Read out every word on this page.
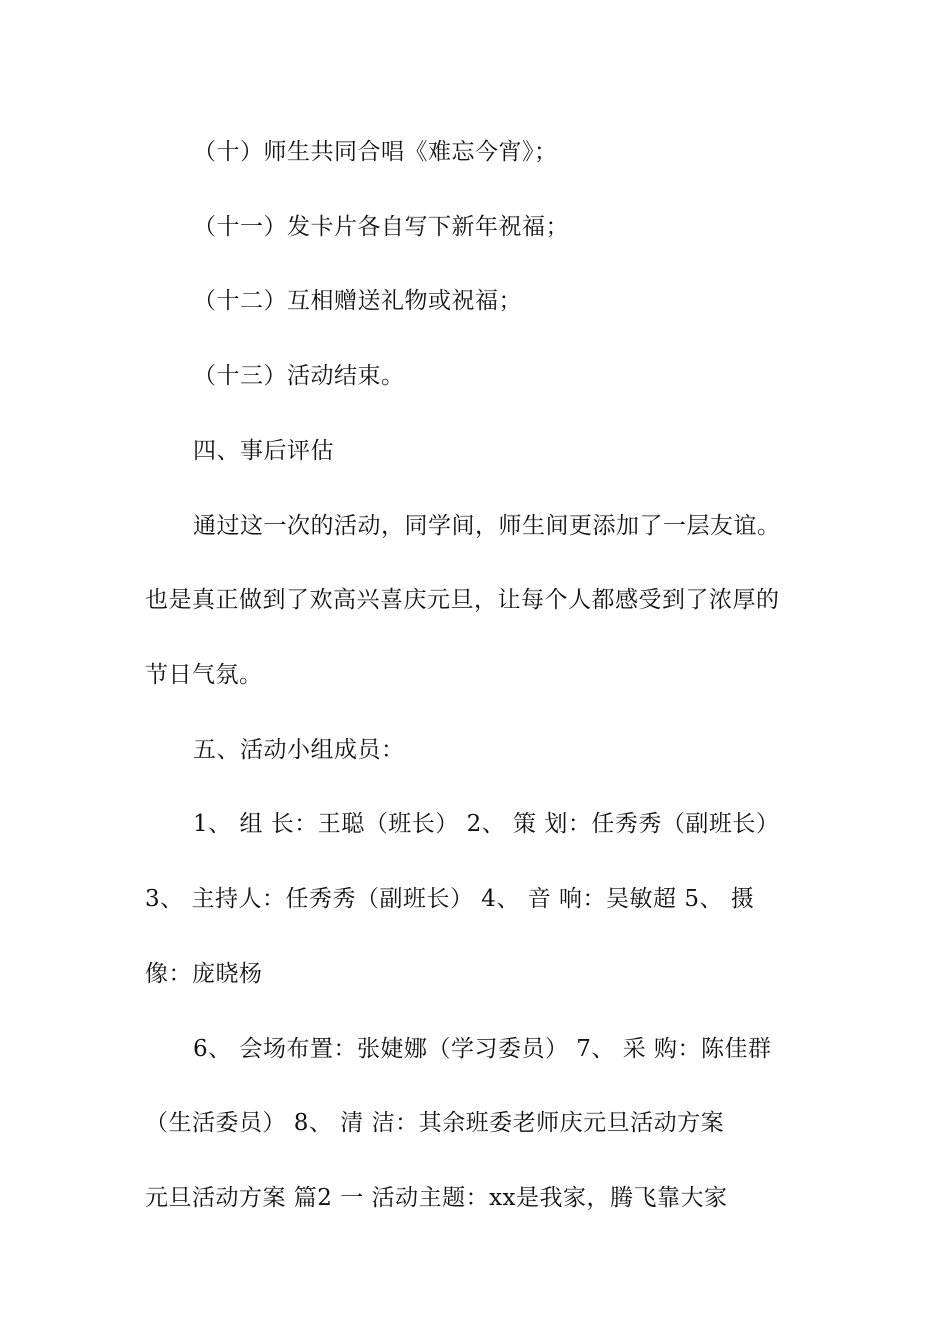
（十）师生共同合唱《难忘今宵》；
（十一）发卡片各自写下新年祝福；
（十二）互相赠送礼物或祝福；
（十三）活动结束。
四、事后评估
通过这一次的活动，同学间，师生间更添加了一层友谊。
也是真正做到了欢高兴喜庆元旦，让每个人都感受到了浓厚的
节日气氛。
五、活动小组成员：
1、 组 长：王聪（班长） 2、 策 划：任秀秀（副班长）
3、 主持人：任秀秀（副班长） 4、 音 响：吴敏超 5、 摄
像：庞晓杨
6、 会场布置：张婕娜（学习委员） 7、 采 购：陈佳群
（生活委员） 8、 清 洁：其余班委老师庆元旦活动方案
元旦活动方案 篇2 一 活动主题：xx是我家，腾飞靠大家
